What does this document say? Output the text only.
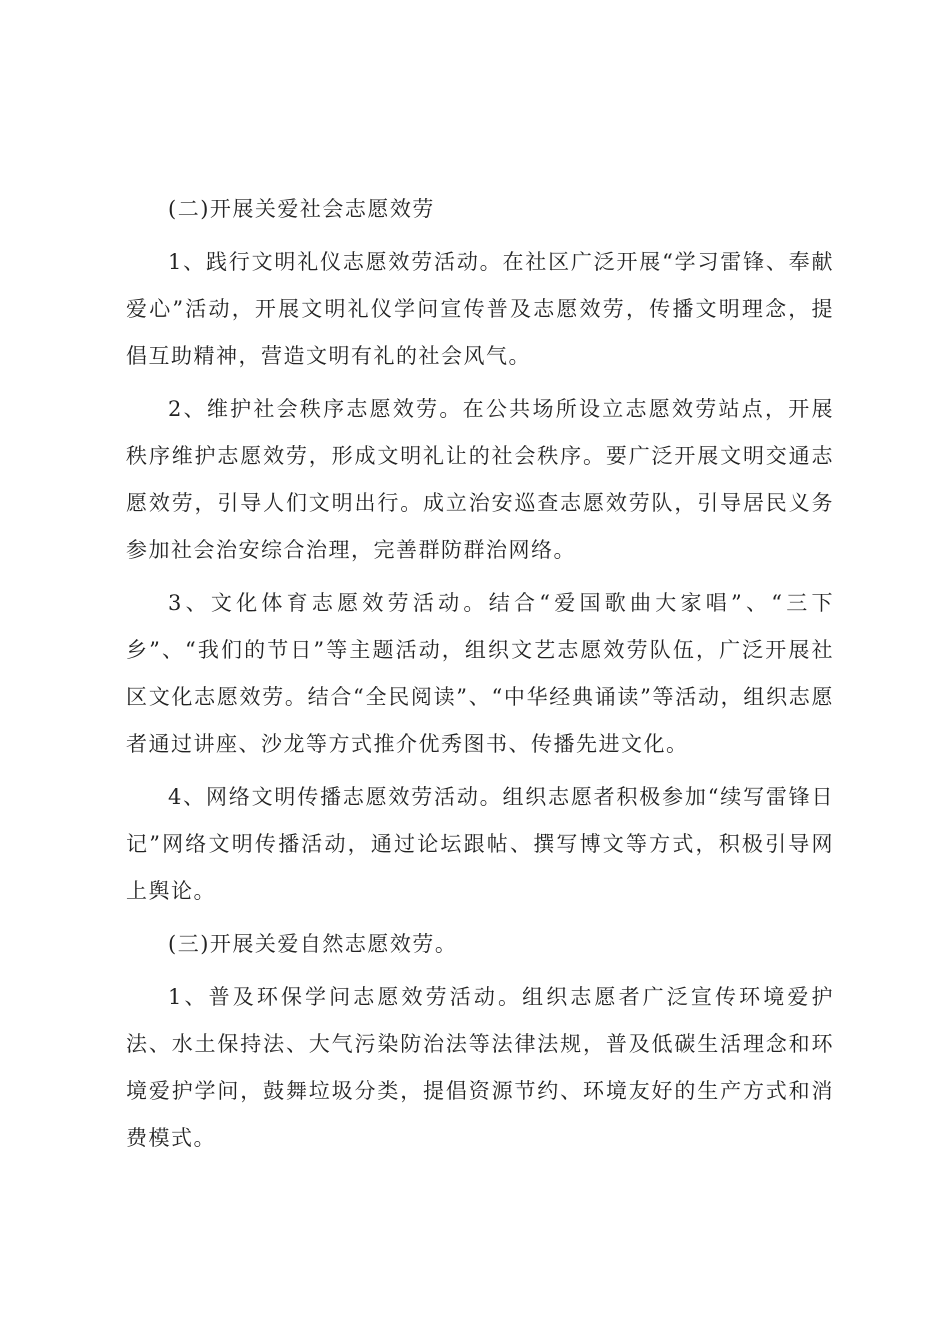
(二)开展关爱社会志愿效劳

1、践行文明礼仪志愿效劳活动。在社区广泛开展“学习雷锋、奉献爱心”活动，开展文明礼仪学问宣传普及志愿效劳，传播文明理念，提倡互助精神，营造文明有礼的社会风气。

2、维护社会秩序志愿效劳。在公共场所设立志愿效劳站点，开展秩序维护志愿效劳，形成文明礼让的社会秩序。要广泛开展文明交通志愿效劳，引导人们文明出行。成立治安巡查志愿效劳队，引导居民义务参加社会治安综合治理，完善群防群治网络。

3、文化体育志愿效劳活动。结合“爱国歌曲大家唱”、“三下乡”、“我们的节日”等主题活动，组织文艺志愿效劳队伍，广泛开展社区文化志愿效劳。结合“全民阅读”、“中华经典诵读”等活动，组织志愿者通过讲座、沙龙等方式推介优秀图书、传播先进文化。

4、网络文明传播志愿效劳活动。组织志愿者积极参加“续写雷锋日记”网络文明传播活动，通过论坛跟帖、撰写博文等方式，积极引导网上舆论。

(三)开展关爱自然志愿效劳。

1、普及环保学问志愿效劳活动。组织志愿者广泛宣传环境爱护法、水土保持法、大气污染防治法等法律法规，普及低碳生活理念和环境爱护学问，鼓舞垃圾分类，提倡资源节约、环境友好的生产方式和消费模式。
